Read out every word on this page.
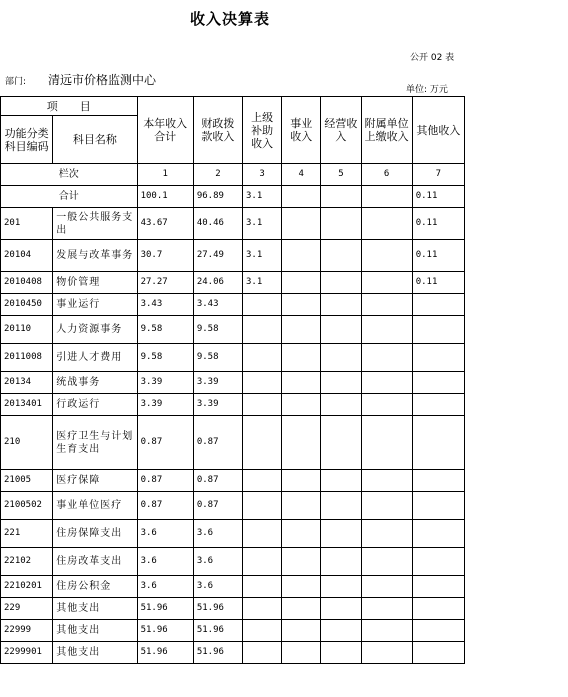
收入决算表
公开 02 表
部门: 清远市价格监测中心
单位: 万元
项　　目		本年收入合计	财政拨款收入	上级补助收入	事业收入	经营收入	附属单位上缴收入	其他收入
功能分类科目编码	科目名称							
栏次		1	2	3	4	5	6	7
合计		100.1	96.89	3.1				0.11
201	一般公共服务支出	43.67	40.46	3.1				0.11
20104	发展与改革事务	30.7	27.49	3.1				0.11
2010408	物价管理	27.27	24.06	3.1				0.11
2010450	事业运行	3.43	3.43					
20110	人力资源事务	9.58	9.58					
2011008	引进人才费用	9.58	9.58					
20134	统战事务	3.39	3.39					
2013401	行政运行	3.39	3.39					
210	医疗卫生与计划生育支出	0.87	0.87					
21005	医疗保障	0.87	0.87					
2100502	事业单位医疗	0.87	0.87					
221	住房保障支出	3.6	3.6					
22102	住房改革支出	3.6	3.6					
2210201	住房公积金	3.6	3.6					
229	其他支出	51.96	51.96					
22999	其他支出	51.96	51.96					
2299901	其他支出	51.96	51.96					
